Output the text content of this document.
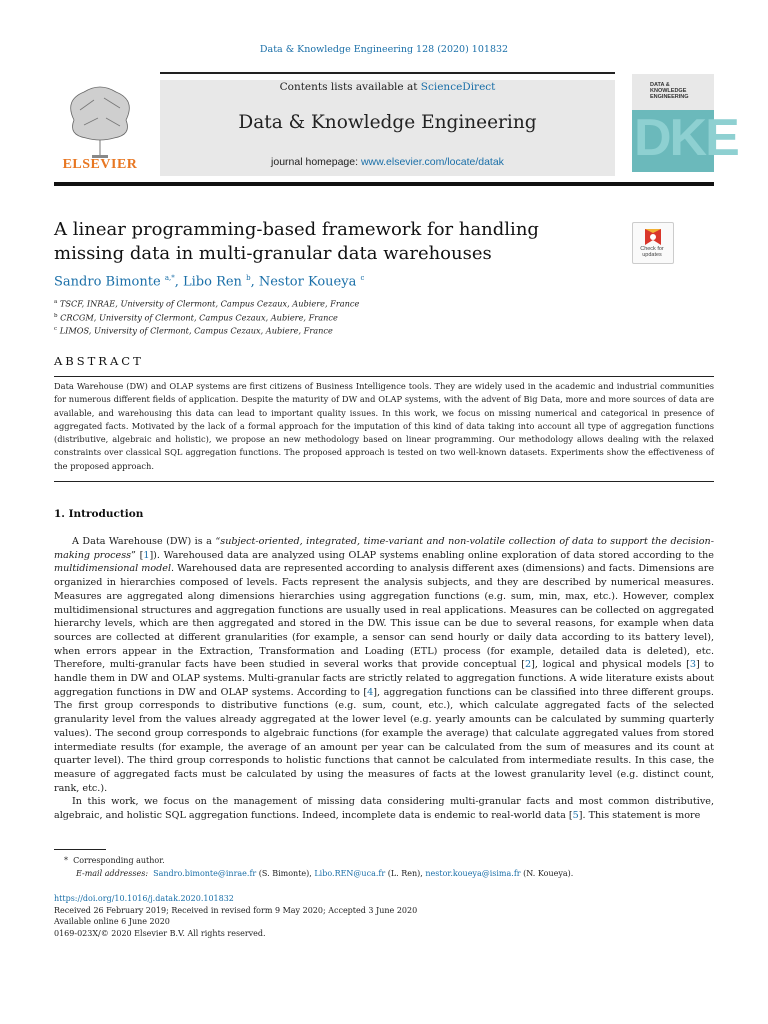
Data & Knowledge Engineering 128 (2020) 101832
ELSEVIER
Contents lists available at ScienceDirect
Data & Knowledge Engineering
journal homepage: www.elsevier.com/locate/datak
DATA & KNOWLEDGE ENGINEERING
DKE
A linear programming-based framework for handling missing data in multi-granular data warehouses	Check for updates
Sandro Bimonte $^{a,*}$, Libo Ren $^b$, Nestor Koueya $^c$
$^a$ TSCF, INRAE, University of Clermont, Campus Cezaux, Aubiere, France
$^b$ CRCGM, University of Clermont, Campus Cezaux, Aubiere, France
$^c$ LIMOS, University of Clermont, Campus Cezaux, Aubiere, France
ABSTRACT
Data Warehouse (DW) and OLAP systems are first citizens of Business Intelligence tools. They are widely used in the academic and industrial communities for numerous different fields of application. Despite the maturity of DW and OLAP systems, with the advent of Big Data, more and more sources of data are available, and warehousing this data can lead to important quality issues. In this work, we focus on missing numerical and categorical in presence of aggregated facts. Motivated by the lack of a formal approach for the imputation of this kind of data taking into account all type of aggregation functions (distributive, algebraic and holistic), we propose an new methodology based on linear programming. Our methodology allows dealing with the relaxed constraints over classical SQL aggregation functions. The proposed approach is tested on two well-known datasets. Experiments show the effectiveness of the proposed approach.
1. Introduction

A Data Warehouse (DW) is a “subject-oriented, integrated, time-variant and non-volatile collection of data to support the decision-making process” [1]). Warehoused data are analyzed using OLAP systems enabling online exploration of data stored according to the multidimensional model. Warehoused data are represented according to analysis different axes (dimensions) and facts. Dimensions are organized in hierarchies composed of levels. Facts represent the analysis subjects, and they are described by numerical measures. Measures are aggregated along dimensions hierarchies using aggregation functions (e.g. sum, min, max, etc.). However, complex multidimensional structures and aggregation functions are usually used in real applications. Measures can be collected on aggregated hierarchy levels, which are then aggregated and stored in the DW. This issue can be due to several reasons, for example when data sources are collected at different granularities (for example, a sensor can send hourly or daily data according to its battery level), when errors appear in the Extraction, Transformation and Loading (ETL) process (for example, detailed data is deleted), etc. Therefore, multi-granular facts have been studied in several works that provide conceptual [2], logical and physical models [3] to handle them in DW and OLAP systems. Multi-granular facts are strictly related to aggregation functions. A wide literature exists about aggregation functions in DW and OLAP systems. According to [4], aggregation functions can be classified into three different groups. The first group corresponds to distributive functions (e.g. sum, count, etc.), which calculate aggregated facts of the selected granularity level from the values already aggregated at the lower level (e.g. yearly amounts can be calculated by summing quarterly values). The second group corresponds to algebraic functions (for example the average) that calculate aggregated values from stored intermediate results (for example, the average of an amount per year can be calculated from the sum of measures and its count at quarter level). The third group corresponds to holistic functions that cannot be calculated from intermediate results. In this case, the measure of aggregated facts must be calculated by using the measures of facts at the lowest granularity level (e.g. distinct count, rank, etc.).

In this work, we focus on the management of missing data considering multi-granular facts and most common distributive, algebraic, and holistic SQL aggregation functions. Indeed, incomplete data is endemic to real-world data [5]. This statement is more

* Corresponding author.
E-mail addresses: Sandro.bimonte@inrae.fr (S. Bimonte), Libo.REN@uca.fr (L. Ren), nestor.koueya@isima.fr (N. Koueya).
https://doi.org/10.1016/j.datak.2020.101832
Received 26 February 2019; Received in revised form 9 May 2020; Accepted 3 June 2020
Available online 6 June 2020
0169-023X/© 2020 Elsevier B.V. All rights reserved.
